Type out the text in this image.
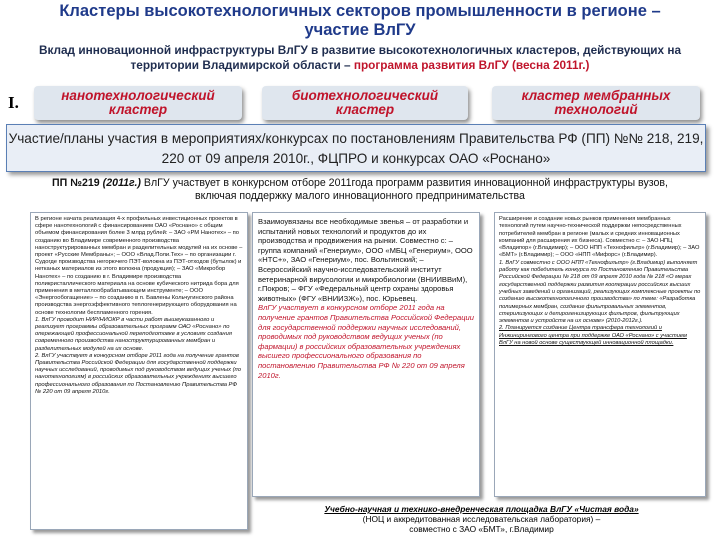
Кластеры высокотехнологичных секторов промышленности в регионе – участие ВлГУ
Вклад инновационной инфраструктуры ВлГУ в развитие высокотехнологичных кластеров, действующих на территории Владимирской области – программа развития ВлГУ (весна 2011г.)
I.	нанотехнологический кластер
биотехнологический кластер
кластер мембранных технологий
Участие/планы участия в мероприятиях/конкурсах по постановлениям Правительства РФ (ПП) №№ 218, 219, 220 от 09 апреля 2010г., ФЦПРО и конкурсах ОАО «Роснано»
ПП №219 (2011г.) ВлГУ участвует в конкурсном отборе 2011года программ развития инновационной инфраструктуры вузов, включая поддержку малого инновационного предпринимательства
В регионе начата реализация 4-х профильных инвестиционных проектов в сфере нанотехнологий с финансированием ОАО «Роснано» с общим объемом финансирования более 3 млрд рублей: – ЗАО «РМ Нанотех» – по созданию во Владимире современного производства наноструктурированных мембран и разделительных модулей на их основе – проект «Русские Мембраны»; – ООО «Влад.Поли.Тех» – по организации г. Судогде производства негорючего ПЭТ-волокна из ПЭТ-отходов (бутылок) и нетканых материалов из этого волокна (продукция); – ЗАО «Микробор Нанотех» – по созданию в г. Владимире производства поликристаллического материала на основе кубического нитрида бора для применения в металлообрабатывающем инструменте; – ООО «Энергообогащение» – по созданию в п. Бавлены Кольчугинского района производства энергоэффективного теплогенерирующего оборудования на основе технологии беспламенного горения.
1. ВлГУ проводит НИР/НИОКР в части работ вышеуказанного и реализует программы образовательных программ ОАО «Роснано» по опережающей профессиональной переподготовке в условиях создания современного производства наноструктурированных мембран и разделительных модулей на их основе.
2. ВлГУ участвует в конкурсном отборе 2011 года на получение грантов Правительства Российской Федерации для государственной поддержки научных исследований, проводимых под руководством ведущих ученых (по нанотехнологиям) в российских образовательных учреждениях высшего профессионального образования по Постановлению Правительства РФ № 220 от 09 апреля 2010г.
Взаимоувязаны все необходимые звенья – от разработки и испытаний новых технологий и продуктов до их производства и продвижения на рынки. Совместно с: – группа компаний «Генериум», ООО «МБЦ «Генериум», ООО «НТС+», ЗАО «Генериум», пос. Вольгинский; – Всероссийский научно-исследовательский институт ветеринарной вирусологии и микробиологии (ВНИИВВиМ), г.Покров; – ФГУ «Федеральный центр охраны здоровья животных» (ФГУ «ВНИИЗЖ»), пос. Юрьевец.
ВлГУ участвует в конкурсном отборе 2011 года на получение грантов Правительства Российской Федерации для государственной поддержки научных исследований, проводимых под руководством ведущих ученых (по фармации) в российских образовательных учреждениях высшего профессионального образования по постановлению Правительства РФ № 220 от 09 апреля 2010г.
Расширение и создание новых рынков применения мембранных технологий путем научно-технической поддержки непосредственных потребителей мембран в регионе (малых и средних инновационных компаний для расширения их бизнеса). Совместно с: – ЗАО НПЦ «Владипор» (г.Владимир); – ООО НПП «Технофильтр» (г.Владимир); – ЗАО «БМТ» (г.Владимир); – ООО «НПП «Мифорс» (г.Владимир).
1. ВлГУ совместно с ООО НПП «Технофильтр» (г.Владимир) выполняет работу как победитель конкурса по Постановлению Правительства Российской Федерации № 218 от 09 апреля 2010 года № 218 «О мерах государственной поддержки развития кооперации российских высших учебных заведений и организаций, реализующих комплексные проекты по созданию высокотехнологичного производства» по теме: «Разработка полимерных мембран, создание фильтровальных элементов, стерилизующих и депирогенизирующих фильтров, фильтрующих элементов и устройств на их основе» (2010-2012г.).
2. Планируется создание Центра трансфера технологий и Инжинирингового центра при поддержке ОАО «Роснано» с участием ВлГУ на новой основе существующей инновационной площадки.
Учебно-научная и технико-внедренческая площадка ВлГУ «Чистая вода»
(НОЦ и аккредитованная исследовательская лаборатория) –
совместно с ЗАО «БМТ», г.Владимир
